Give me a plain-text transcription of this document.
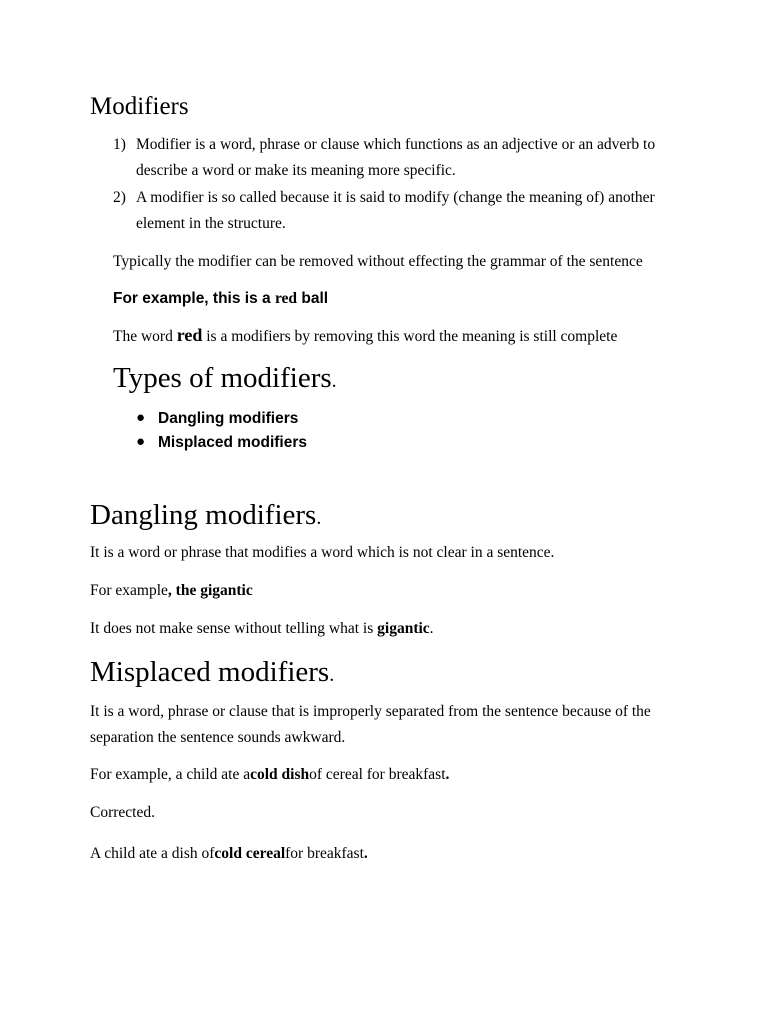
Modifiers
1) Modifier is a word, phrase or clause which functions as an adjective or an adverb to
describe a word or make its meaning more specific.
2) A modifier is so called because it is said to modify (change the meaning of) another
element in the structure.
Typically the modifier can be removed without effecting the grammar of the sentence
For example, this is a red ball
The word red is a modifiers by removing this word the meaning is still complete
Types of modifiers.
● Dangling modifiers
● Misplaced modifiers
Dangling modifiers.
It is a word or phrase that modifies a word which is not clear in a sentence.
For example, the gigantic
It does not make sense without telling what is gigantic.
Misplaced modifiers.
It is a word, phrase or clause that is improperly separated from the sentence because of the
separation the sentence sounds awkward.
For example, a child ate acold dishof cereal for breakfast.
Corrected.
A child ate a dish ofcold cerealfor breakfast.
